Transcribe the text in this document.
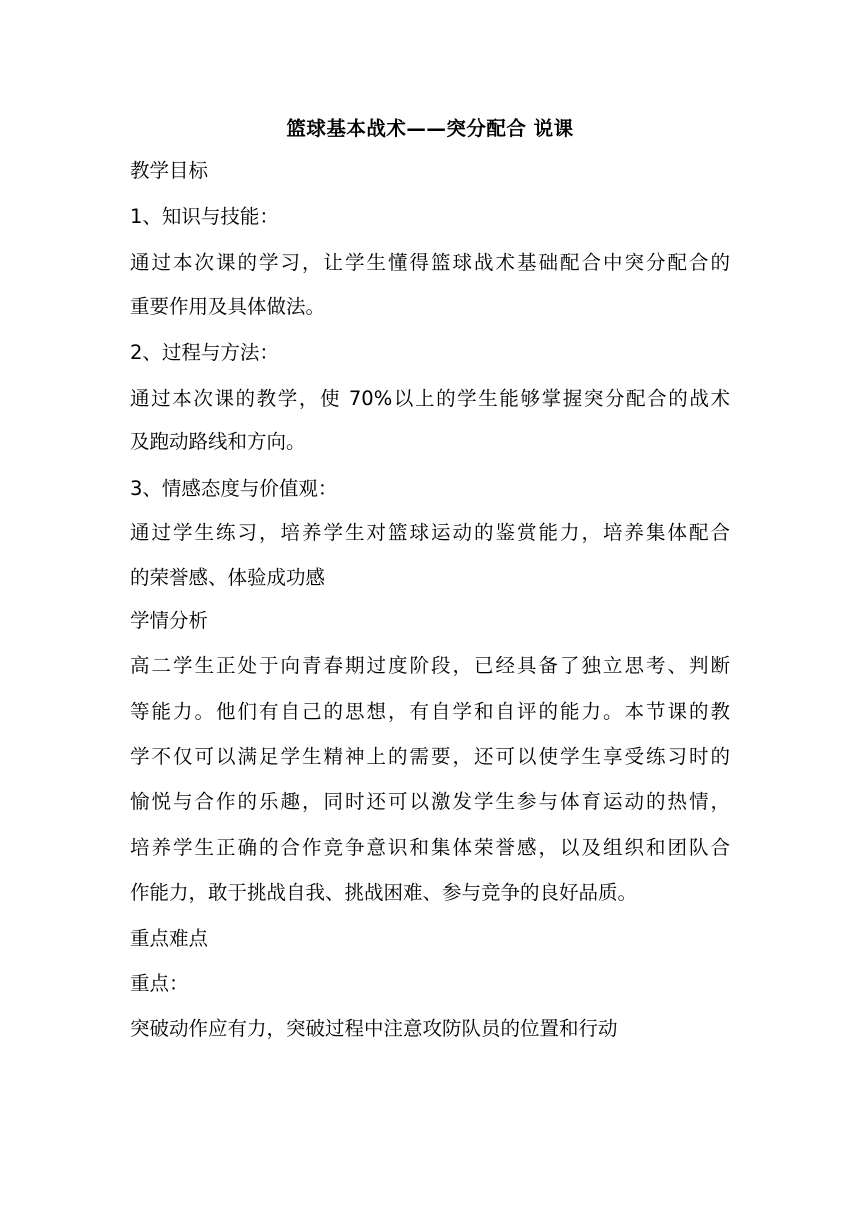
篮球基本战术——突分配合 说课

教学目标

1、知识与技能：

通过本次课的学习，让学生懂得篮球战术基础配合中突分配合的

重要作用及具体做法。

2、过程与方法：

通过本次课的教学，使 70%以上的学生能够掌握突分配合的战术

及跑动路线和方向。

3、情感态度与价值观：

通过学生练习，培养学生对篮球运动的鉴赏能力，培养集体配合

的荣誉感、体验成功感

学情分析

高二学生正处于向青春期过度阶段，已经具备了独立思考、判断

等能力。他们有自己的思想，有自学和自评的能力。本节课的教

学不仅可以满足学生精神上的需要，还可以使学生享受练习时的

愉悦与合作的乐趣，同时还可以激发学生参与体育运动的热情，

培养学生正确的合作竞争意识和集体荣誉感，以及组织和团队合

作能力，敢于挑战自我、挑战困难、参与竞争的良好品质。

重点难点

重点：

突破动作应有力，突破过程中注意攻防队员的位置和行动
